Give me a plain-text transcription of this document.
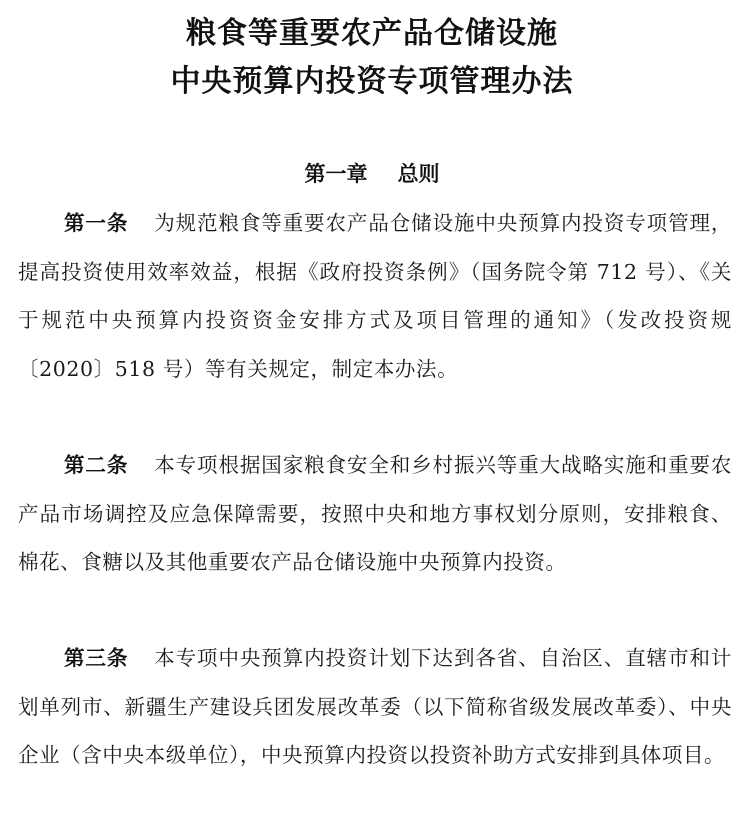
粮食等重要农产品仓储设施
中央预算内投资专项管理办法
第一章 总则
第一条 为规范粮食等重要农产品仓储设施中央预算内投资专项管理，提高投资使用效率效益，根据《政府投资条例》（国务院令第 712 号）、《关于规范中央预算内投资资金安排方式及项目管理的通知》（发改投资规〔2020〕518 号）等有关规定，制定本办法。
第二条 本专项根据国家粮食安全和乡村振兴等重大战略实施和重要农产品市场调控及应急保障需要，按照中央和地方事权划分原则，安排粮食、棉花、食糖以及其他重要农产品仓储设施中央预算内投资。
第三条 本专项中央预算内投资计划下达到各省、自治区、直辖市和计划单列市、新疆生产建设兵团发展改革委（以下简称省级发展改革委）、中央企业（含中央本级单位），中央预算内投资以投资补助方式安排到具体项目。
